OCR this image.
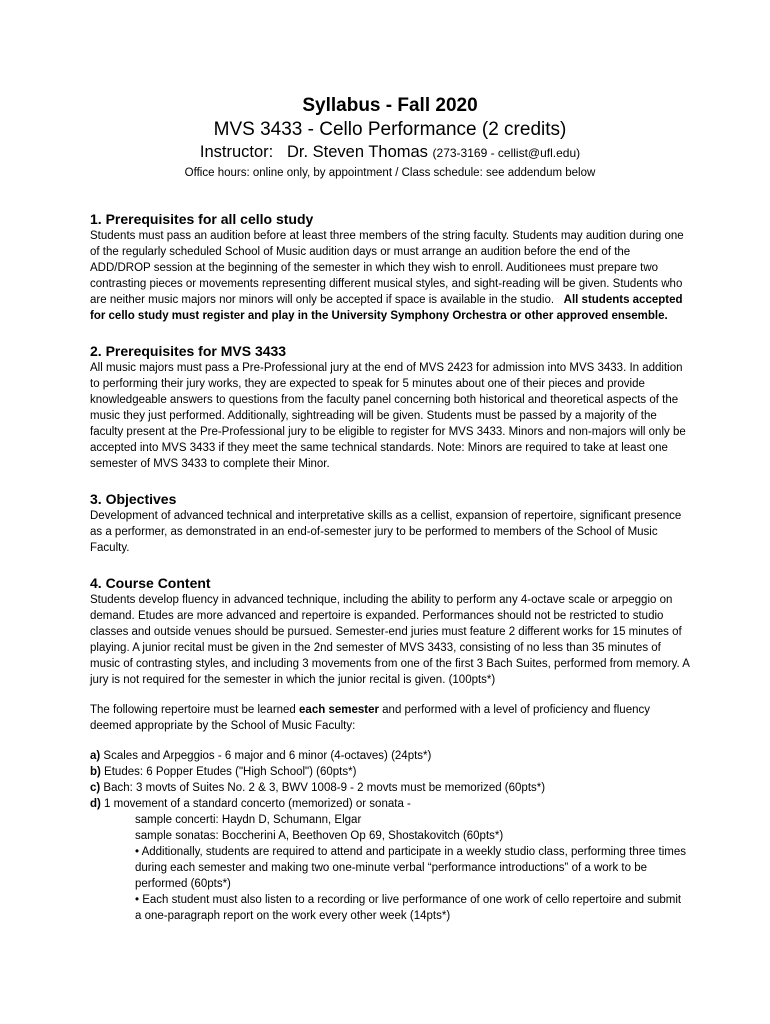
Syllabus - Fall 2020

MVS 3433 - Cello Performance (2 credits)

Instructor: Dr. Steven Thomas (273-3169 - cellist@ufl.edu)

Office hours: online only, by appointment / Class schedule: see addendum below

1. Prerequisites for all cello study

Students must pass an audition before at least three members of the string faculty. Students may audition during one of the regularly scheduled School of Music audition days or must arrange an audition before the end of the ADD/DROP session at the beginning of the semester in which they wish to enroll. Auditionees must prepare two contrasting pieces or movements representing different musical styles, and sight-reading will be given. Students who are neither music majors nor minors will only be accepted if space is available in the studio. All students accepted for cello study must register and play in the University Symphony Orchestra or other approved ensemble.

2. Prerequisites for MVS 3433

All music majors must pass a Pre-Professional jury at the end of MVS 2423 for admission into MVS 3433. In addition to performing their jury works, they are expected to speak for 5 minutes about one of their pieces and provide knowledgeable answers to questions from the faculty panel concerning both historical and theoretical aspects of the music they just performed. Additionally, sightreading will be given. Students must be passed by a majority of the faculty present at the Pre-Professional jury to be eligible to register for MVS 3433. Minors and non-majors will only be accepted into MVS 3433 if they meet the same technical standards. Note: Minors are required to take at least one semester of MVS 3433 to complete their Minor.

3. Objectives

Development of advanced technical and interpretative skills as a cellist, expansion of repertoire, significant presence as a performer, as demonstrated in an end-of-semester jury to be performed to members of the School of Music Faculty.

4. Course Content

Students develop fluency in advanced technique, including the ability to perform any 4-octave scale or arpeggio on demand. Etudes are more advanced and repertoire is expanded. Performances should not be restricted to studio classes and outside venues should be pursued. Semester-end juries must feature 2 different works for 15 minutes of playing. A junior recital must be given in the 2nd semester of MVS 3433, consisting of no less than 35 minutes of music of contrasting styles, and including 3 movements from one of the first 3 Bach Suites, performed from memory. A jury is not required for the semester in which the junior recital is given. (100pts*)

The following repertoire must be learned each semester and performed with a level of proficiency and fluency deemed appropriate by the School of Music Faculty:

a) Scales and Arpeggios - 6 major and 6 minor (4-octaves) (24pts*)
b) Etudes: 6 Popper Etudes ("High School") (60pts*)
c) Bach: 3 movts of Suites No. 2 & 3, BWV 1008-9 - 2 movts must be memorized (60pts*)
d) 1 movement of a standard concerto (memorized) or sonata -
sample concerti: Haydn D, Schumann, Elgar
sample sonatas: Boccherini A, Beethoven Op 69, Shostakovitch (60pts*)
• Additionally, students are required to attend and participate in a weekly studio class, performing three times during each semester and making two one-minute verbal “performance introductions” of a work to be performed (60pts*)
• Each student must also listen to a recording or live performance of one work of cello repertoire and submit a one-paragraph report on the work every other week (14pts*)
